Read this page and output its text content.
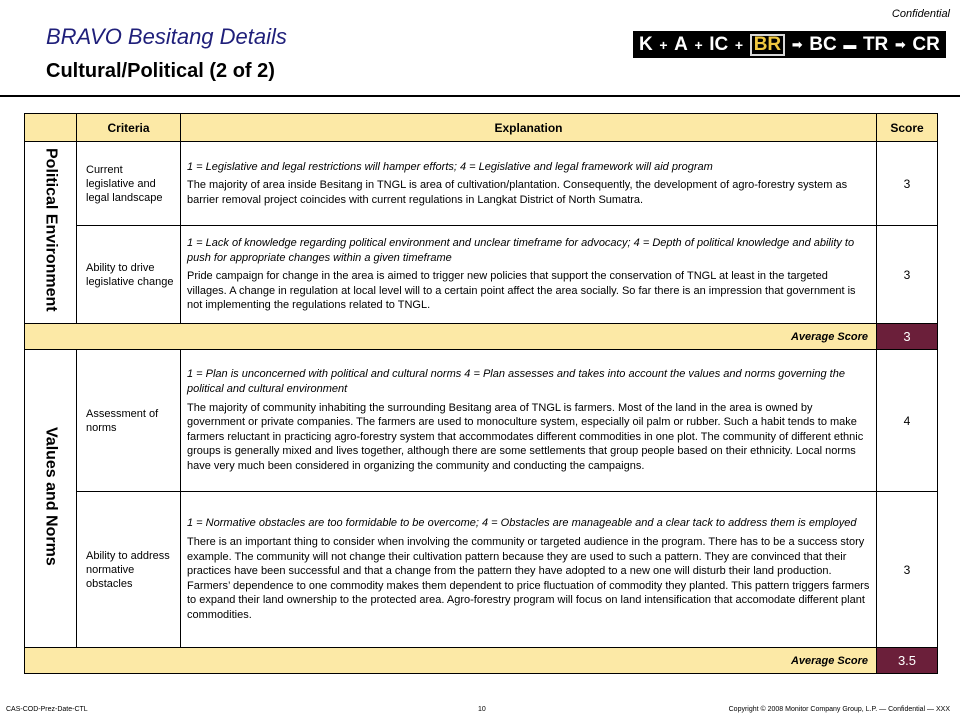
Confidential
BRAVO Besitang Details
Cultural/Political (2 of 2)
K + A + IC + BR ➡ BC ▬ TR ➡ CR
	Criteria	Explanation	Score
Political Environment	Current legislative and legal landscape	1 = Legislative and legal restrictions will hamper efforts; 4 = Legislative and legal framework will aid program
The majority of area inside Besitang in TNGL is area of cultivation/plantation. Consequently, the development of agro-forestry system as barrier removal project coincides with current regulations in Langkat District of North Sumatra.	3
	Ability to drive legislative change	1 = Lack of knowledge regarding political environment and unclear timeframe for advocacy; 4 = Depth of political knowledge and ability to push for appropriate changes within a given timeframe
Pride campaign for change in the area is aimed to trigger new policies that support the conservation of TNGL at least in the targeted villages. A change in regulation at local level will to a certain point affect the area socially. So far there is an impression that government is not implementing the regulations related to TNGL.	3
Average Score			3
Values and Norms	Assessment of norms	1 = Plan is unconcerned with political and cultural norms 4 = Plan assesses and takes into account the values and norms governing the political and cultural environment
The majority of community inhabiting the surrounding Besitang area of TNGL is farmers. Most of the land in the area is owned by government or private companies. The farmers are used to monoculture system, especially oil palm or rubber. Such a habit tends to make farmers reluctant in practicing agro-forestry system that accommodates different commodities in one plot. The community of different ethnic groups is generally mixed and lives together, although there are some settlements that group people based on their ethnicity. Local norms have very much been considered in organizing the community and conducting the campaigns.	4
	Ability to address normative obstacles	1 = Normative obstacles are too formidable to be overcome; 4 = Obstacles are manageable and a clear tack to address them is employed
There is an important thing to consider when involving the community or targeted audience in the program. There has to be a success story example. The community will not change their cultivation pattern because they are used to such a pattern. They are convinced that their practices have been successful and that a change from the pattern they have adopted to a new one will disturb their land production. Farmers’ dependence to one commodity makes them dependent to price fluctuation of commodity they planted. This pattern triggers farmers to expand their land ownership to the protected area. Agro-forestry program will focus on land intensification that accomodate different plant commodities.	3
Average Score			3.5
CAS-COD-Prez-Date-CTL	10	Copyright © 2008 Monitor Company Group, L.P. — Confidential — XXX
